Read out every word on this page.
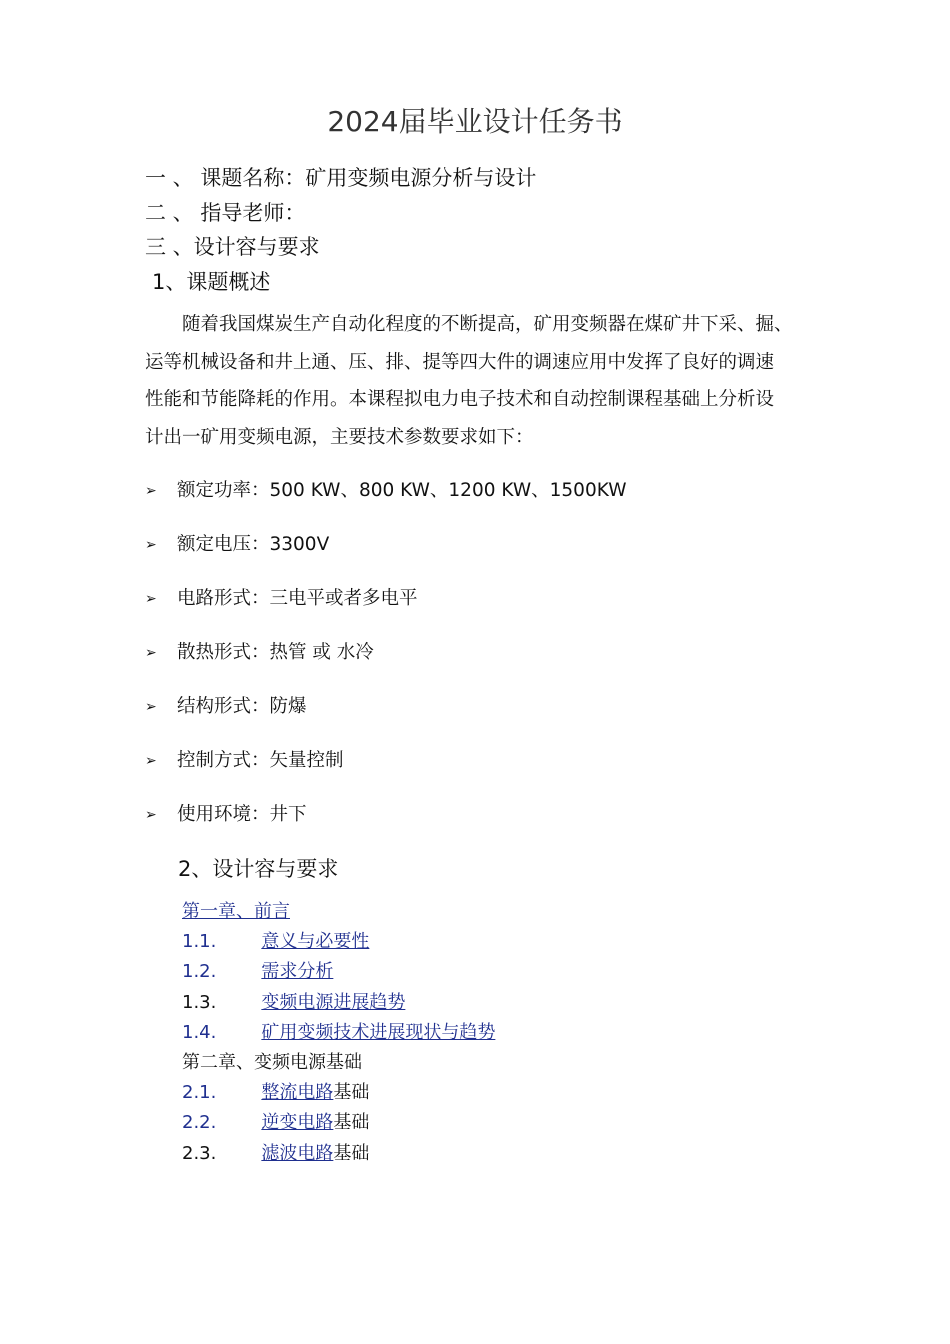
2024届毕业设计任务书
一 、 课题名称：矿用变频电源分析与设计
二 、 指导老师：
三 、设计容与要求
1、课题概述
随着我国煤炭生产自动化程度的不断提高，矿用变频器在煤矿井下采、掘、
运等机械设备和井上通、压、排、提等四大件的调速应用中发挥了良好的调速
性能和节能降耗的作用。本课程拟电力电子技术和自动控制课程基础上分析设
计出一矿用变频电源，主要技术参数要求如下：
➢ 额定功率：500 KW、800 KW、1200 KW、1500KW
➢ 额定电压：3300V
➢ 电路形式：三电平或者多电平
➢ 散热形式：热管 或 水冷
➢ 结构形式：防爆
➢ 控制方式：矢量控制
➢ 使用环境：井下
2、设计容与要求
第一章、前言
1.1.	意义与必要性
1.2.	需求分析
1.3.	变频电源进展趋势
1.4.	矿用变频技术进展现状与趋势
第二章、变频电源基础
2.1.	整流电路基础
2.2.	逆变电路基础
2.3.	滤波电路基础
